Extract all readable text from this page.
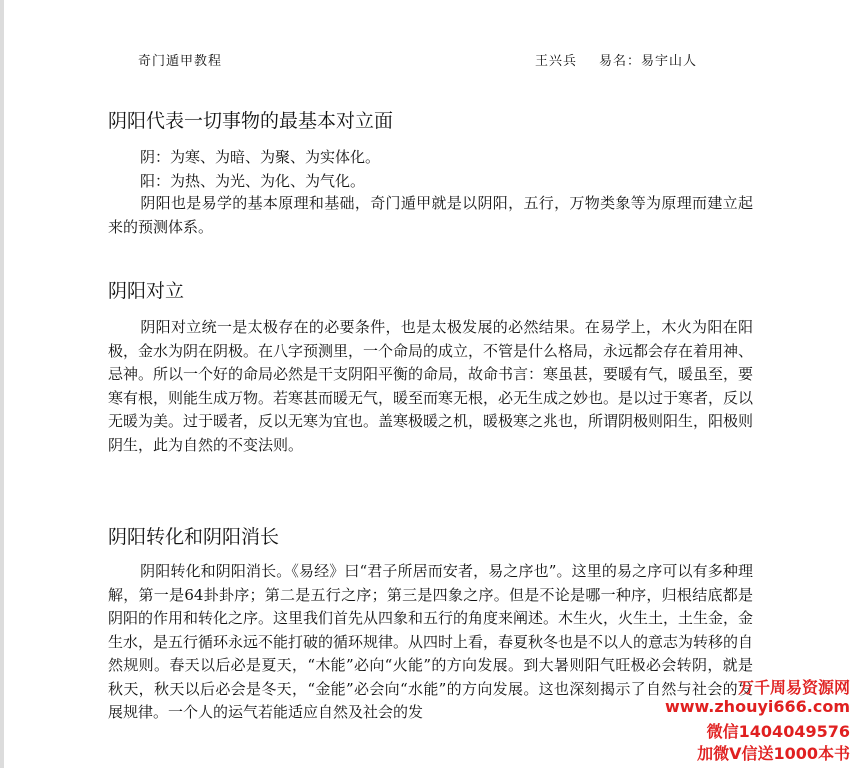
奇门遁甲教程	王兴兵 易名：易宇山人
阴阳代表一切事物的最基本对立面
阴：为寒、为暗、为聚、为实体化。
阳：为热、为光、为化、为气化。

阴阳也是易学的基本原理和基础，奇门遁甲就是以阴阳，五行，万物类象等为原理而建立起来的预测体系。

阴阳对立

阴阳对立统一是太极存在的必要条件，也是太极发展的必然结果。在易学上，木火为阳在阳极，金水为阴在阴极。在八字预测里，一个命局的成立，不管是什么格局，永远都会存在着用神、忌神。所以一个好的命局必然是干支阴阳平衡的命局，故命书言：寒虽甚，要暖有气，暖虽至，要寒有根，则能生成万物。若寒甚而暖无气，暖至而寒无根，必无生成之妙也。是以过于寒者，反以无暖为美。过于暖者，反以无寒为宜也。盖寒极暖之机，暖极寒之兆也，所谓阴极则阳生，阳极则阴生，此为自然的不变法则。

阴阳转化和阴阳消长

阴阳转化和阴阳消长。《易经》曰“君子所居而安者，易之序也”。这里的易之序可以有多种理解，第一是64卦卦序；第二是五行之序；第三是四象之序。但是不论是哪一种序，归根结底都是阴阳的作用和转化之序。这里我们首先从四象和五行的角度来阐述。木生火，火生土，土生金，金生水，是五行循环永远不能打破的循环规律。从四时上看，春夏秋冬也是不以人的意志为转移的自然规则。春天以后必是夏天，“木能”必向“火能”的方向发展。到大暑则阳气旺极必会转阴，就是秋天，秋天以后必会是冬天，“金能”必会向“水能”的方向发展。这也深刻揭示了自然与社会的发展规律。一个人的运气若能适应自然及社会的发

万千周易资源网
www.zhouyi666.com
微信1404049576
加微V信送1000本书
